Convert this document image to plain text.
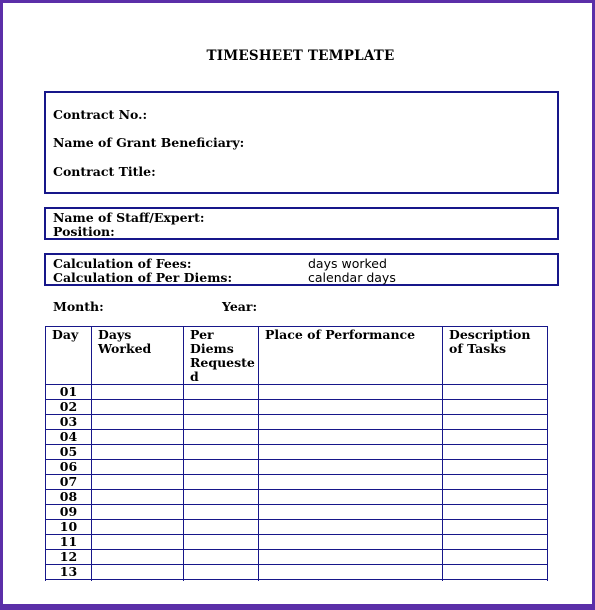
TIMESHEET TEMPLATE
Contract No.:
Name of Grant Beneficiary:
Contract Title:
Name of Staff/Expert:
Position:
Calculation of Fees:	days worked
Calculation of Per Diems:	calendar days
Month:	Year:
Day	Days Worked	Per Diems Requeste d	Place of Performance	Description of Tasks
01				
02				
03				
04				
05				
06				
07				
08				
09				
10				
11				
12				
13				
